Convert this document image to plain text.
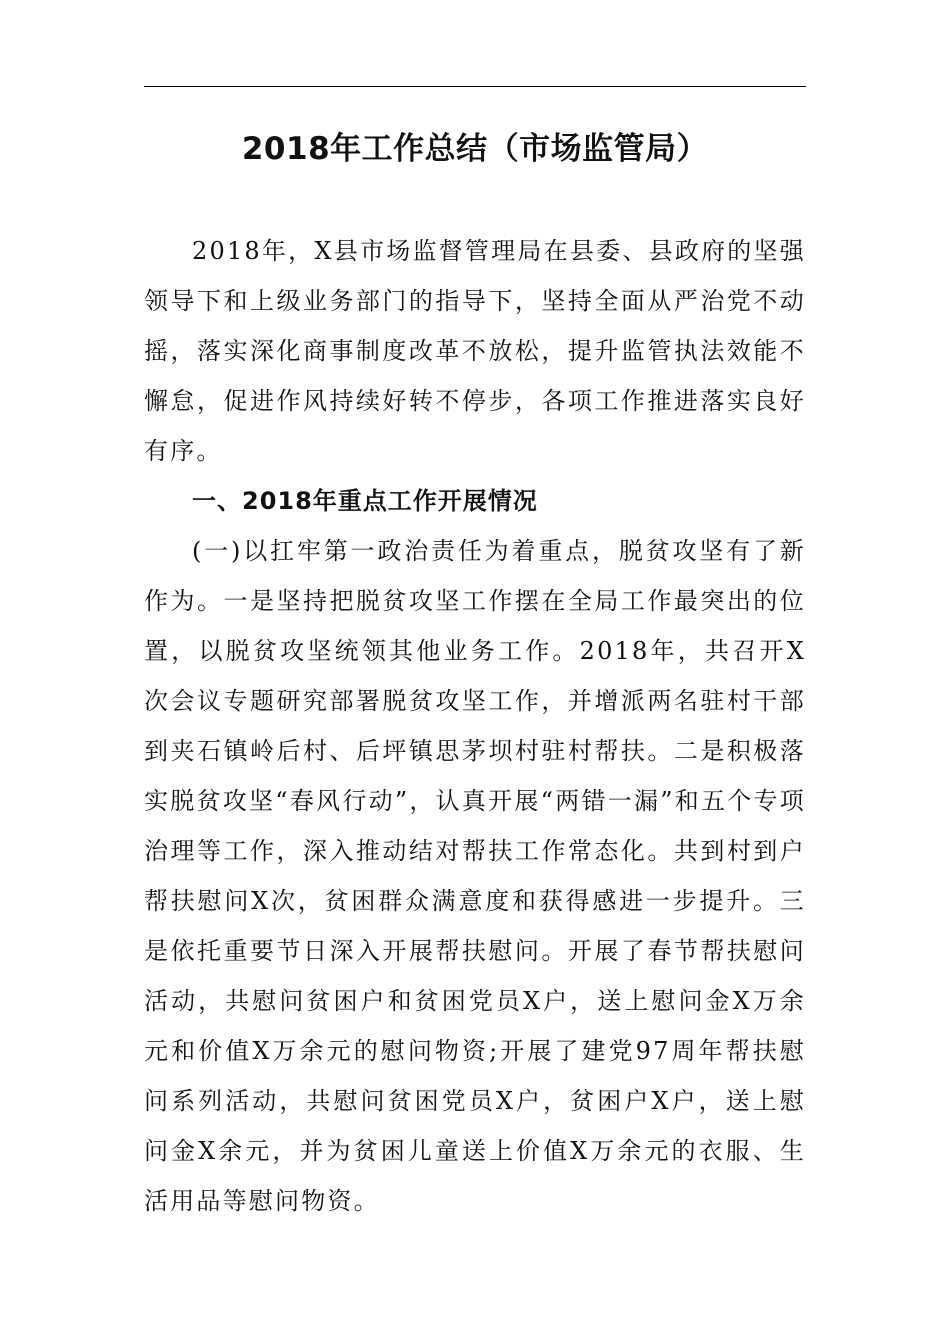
2018年工作总结（市场监管局）

2018年，X县市场监督管理局在县委、县政府的坚强领导下和上级业务部门的指导下，坚持全面从严治党不动摇，落实深化商事制度改革不放松，提升监管执法效能不懈怠，促进作风持续好转不停步，各项工作推进落实良好有序。

一、2018年重点工作开展情况

(一)以扛牢第一政治责任为着重点，脱贫攻坚有了新作为。一是坚持把脱贫攻坚工作摆在全局工作最突出的位置，以脱贫攻坚统领其他业务工作。2018年，共召开X次会议专题研究部署脱贫攻坚工作，并增派两名驻村干部到夹石镇岭后村、后坪镇思茅坝村驻村帮扶。二是积极落实脱贫攻坚“春风行动”，认真开展“两错一漏”和五个专项治理等工作，深入推动结对帮扶工作常态化。共到村到户帮扶慰问X次，贫困群众满意度和获得感进一步提升。三是依托重要节日深入开展帮扶慰问。开展了春节帮扶慰问活动，共慰问贫困户和贫困党员X户，送上慰问金X万余元和价值X万余元的慰问物资;开展了建党97周年帮扶慰问系列活动，共慰问贫困党员X户，贫困户X户，送上慰问金X余元，并为贫困儿童送上价值X万余元的衣服、生活用品等慰问物资。
